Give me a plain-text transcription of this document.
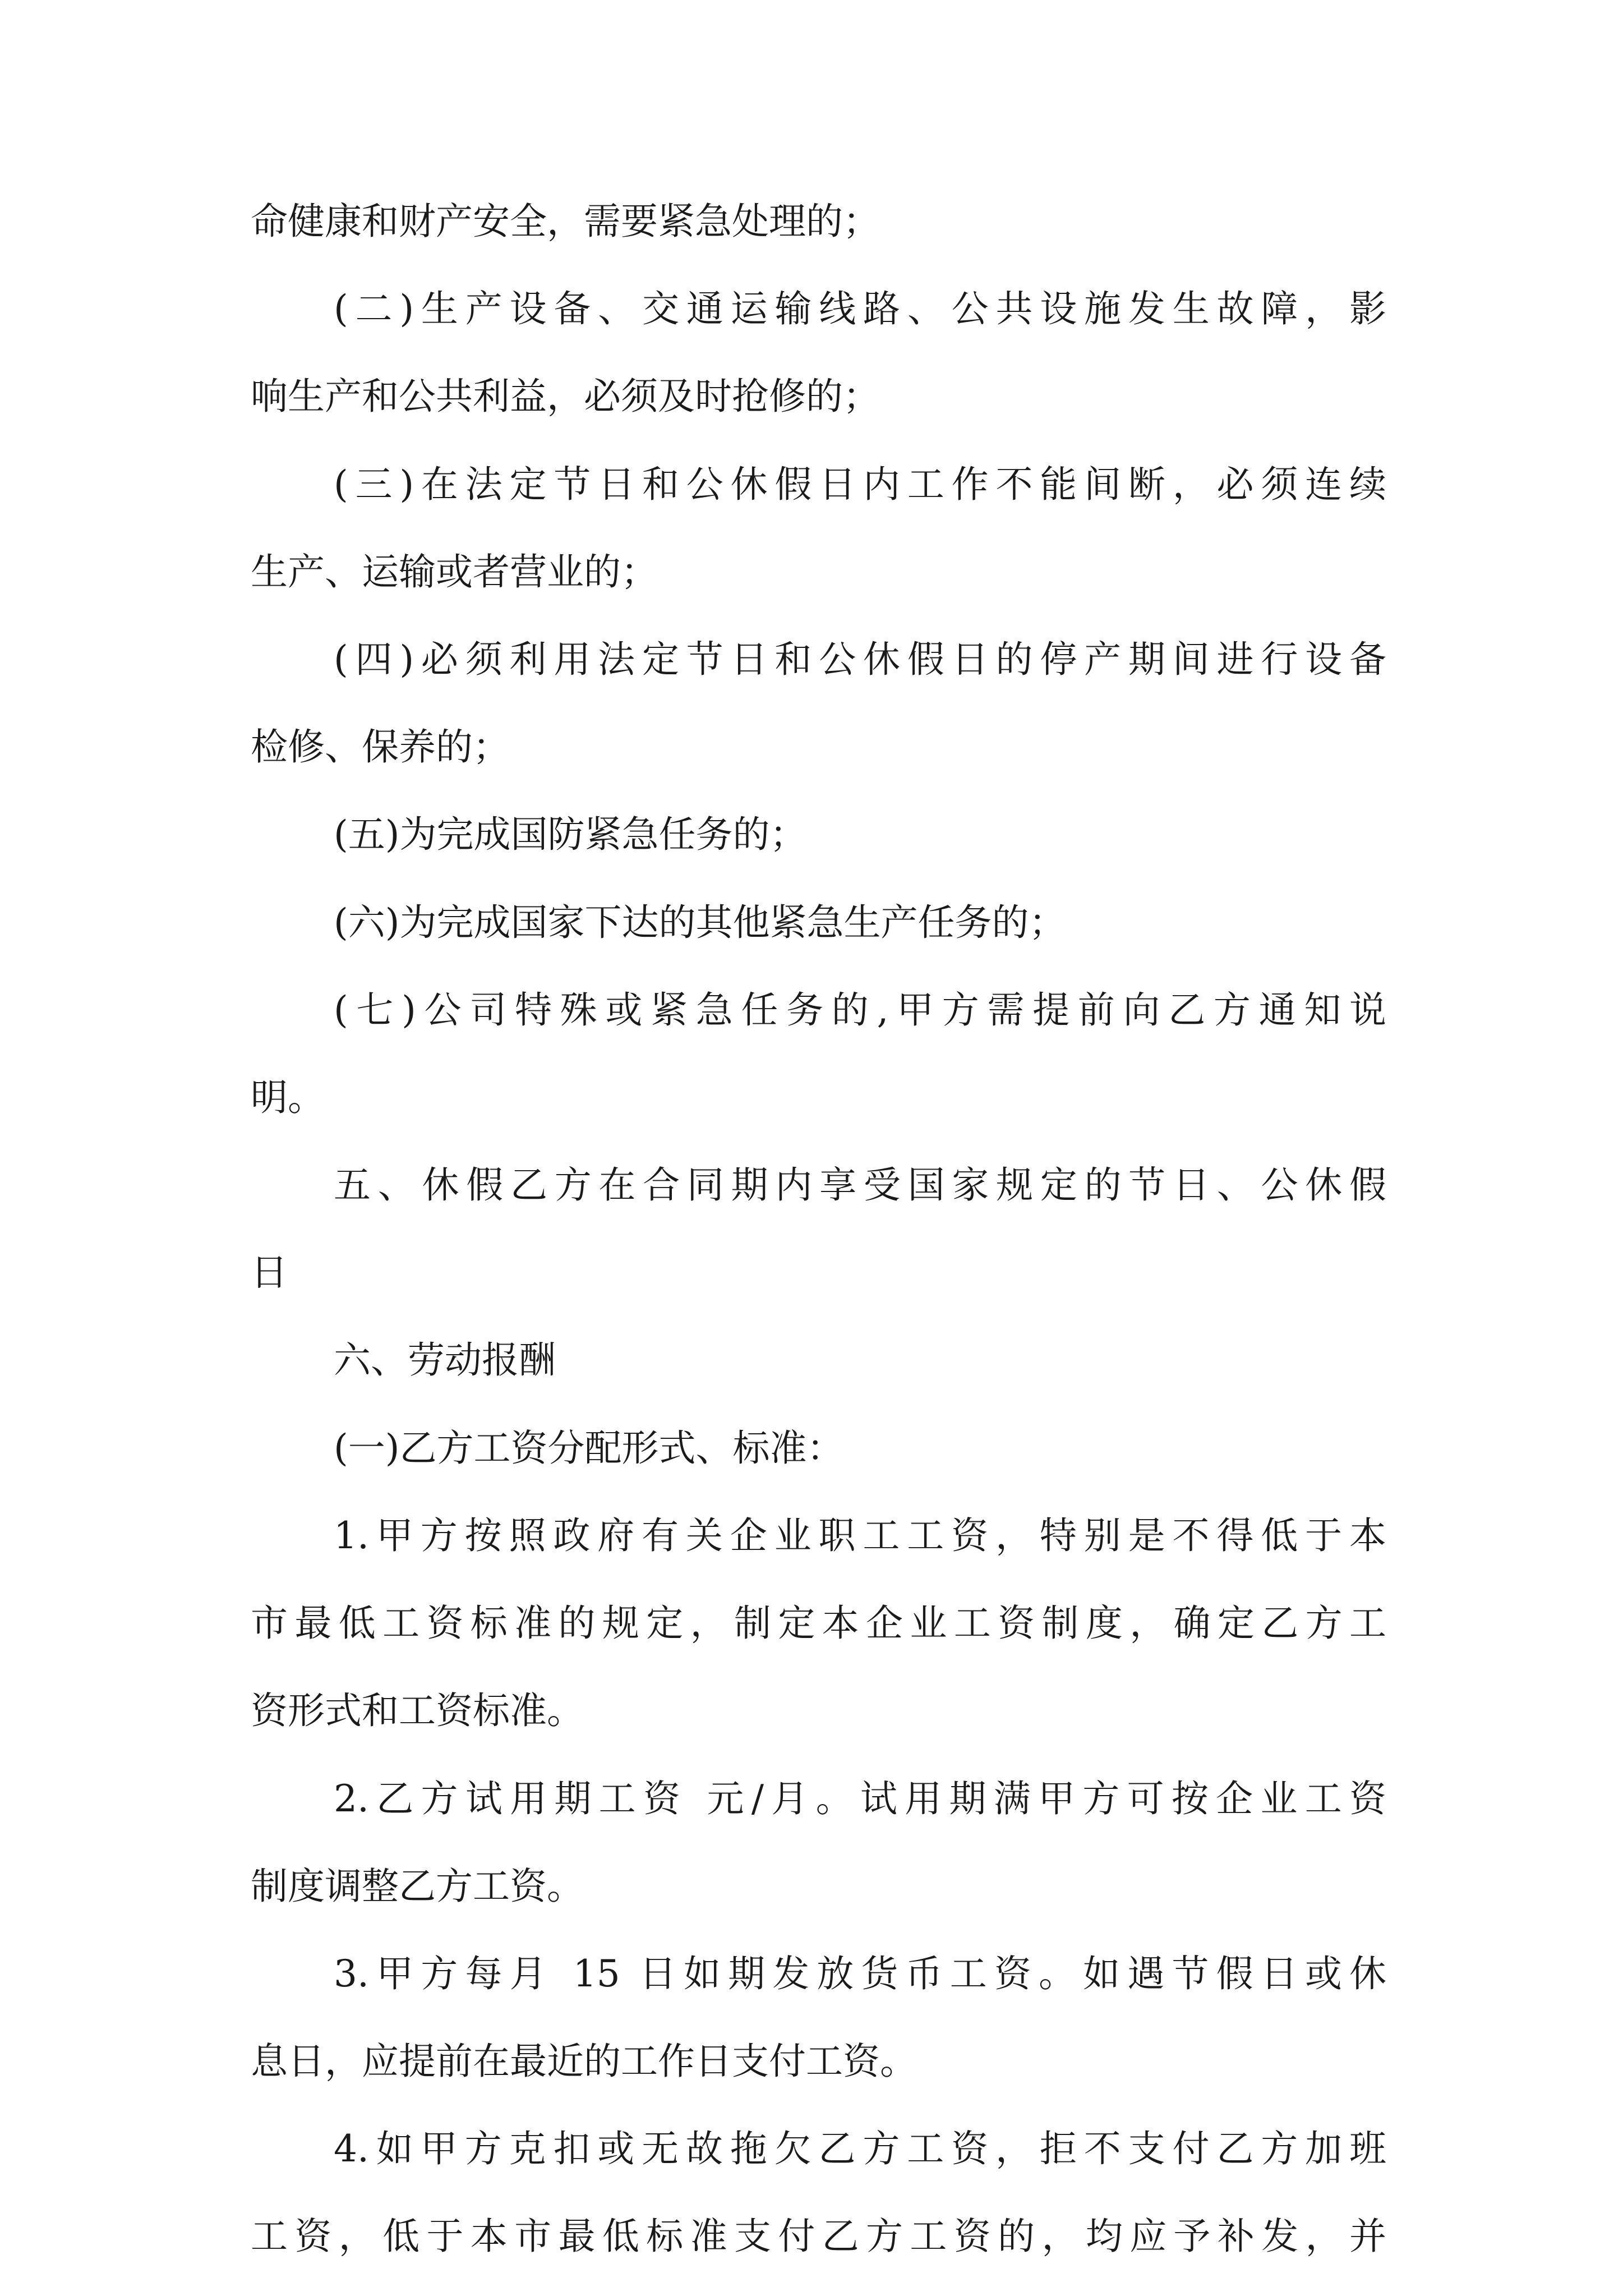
命健康和财产安全，需要紧急处理的；
(二)生产设备、交通运输线路、公共设施发生故障，影
响生产和公共利益，必须及时抢修的；
(三)在法定节日和公休假日内工作不能间断，必须连续
生产、运输或者营业的；
(四)必须利用法定节日和公休假日的停产期间进行设备
检修、保养的；
(五)为完成国防紧急任务的；
(六)为完成国家下达的其他紧急生产任务的；
(七)公司特殊或紧急任务的,甲方需提前向乙方通知说
明。
五、休假乙方在合同期内享受国家规定的节日、公休假
日
六、劳动报酬
(一)乙方工资分配形式、标准：
1.甲方按照政府有关企业职工工资，特别是不得低于本
市最低工资标准的规定，制定本企业工资制度，确定乙方工
资形式和工资标准。
2.乙方试用期工资 元/月。试用期满甲方可按企业工资
制度调整乙方工资。
3.甲方每月 15 日如期发放货币工资。如遇节假日或休
息日，应提前在最近的工作日支付工资。
4.如甲方克扣或无故拖欠乙方工资，拒不支付乙方加班
工资，低于本市最低标准支付乙方工资的，均应予补发，并
